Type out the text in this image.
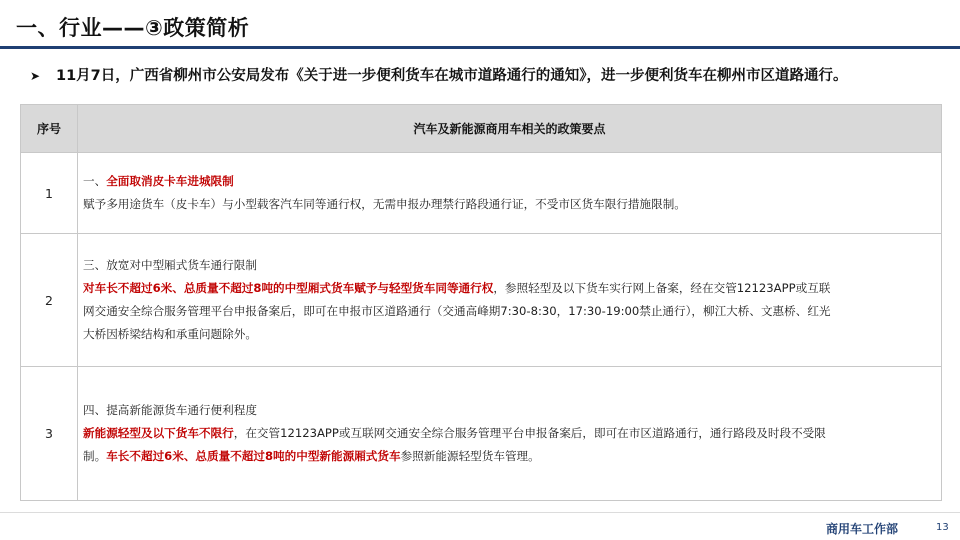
一、行业——③政策简析
➤ 11月7日，广西省柳州市公安局发布《关于进一步便利货车在城市道路通行的通知》，进一步便利货车在柳州市区道路通行。
序号	汽车及新能源商用车相关的政策要点
1	一、全面取消皮卡车进城限制
赋予多用途货车（皮卡车）与小型载客汽车同等通行权，无需申报办理禁行路段通行证，不受市区货车限行措施限制。

2	三、放宽对中型厢式货车通行限制
对车长不超过6米、总质量不超过8吨的中型厢式货车赋予与轻型货车同等通行权，参照轻型及以下货车实行网上备案，经在交管12123APP或互联
网交通安全综合服务管理平台申报备案后，即可在申报市区道路通行（交通高峰期7:30-8:30，17:30-19:00禁止通行），柳江大桥、文惠桥、红光
大桥因桥梁结构和承重问题除外。

3	四、提高新能源货车通行便利程度
新能源轻型及以下货车不限行，在交管12123APP或互联网交通安全综合服务管理平台申报备案后，即可在市区道路通行，通行路段及时段不受限
制。车长不超过6米、总质量不超过8吨的中型新能源厢式货车参照新能源轻型货车管理。
商用车工作部	13
